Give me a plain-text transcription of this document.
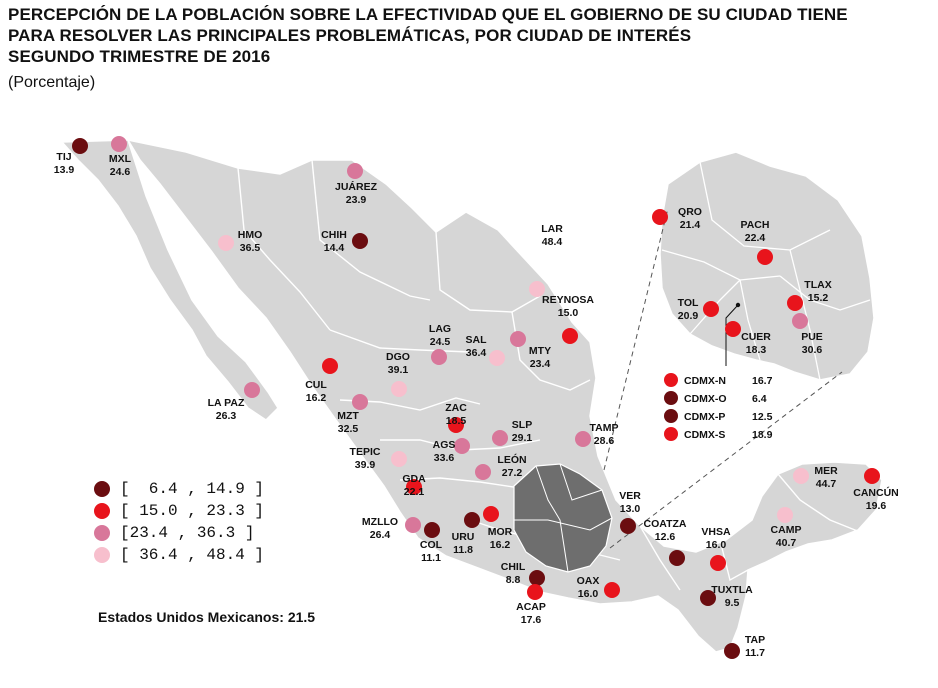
PERCEPCIÓN DE LA POBLACIÓN SOBRE LA EFECTIVIDAD QUE EL GOBIERNO DE SU CIUDAD TIENE
PARA RESOLVER LAS PRINCIPALES PROBLEMÁTICAS, POR CIUDAD DE INTERÉS
SEGUNDO TRIMESTRE DE 2016
(Porcentaje)
TIJ
13.9
MXL
24.6
JUÁREZ
23.9
HMO
36.5
CHIH
14.4
LAR
48.4
REYNOSA
15.0
LAG
24.5 SAL
36.4	MTY
23.4
DGO
39.1
CUL
16.2
LA PAZ
26.3	MZT
32.5
ZAC
18.5	SLP
29.1
TAMP
28.6
TEPIC
39.9
AGS
33.6	LEÓN
27.2
GDA
22.1
MZLLO
26.4
COL
11.1
URU
11.8
MOR
16.2
CHIL
8.8
ACAP
17.6
OAX
16.0
VER
13.0
COATZA
12.6 VHSA
16.0
TUXTLA
9.5
TAP
11.7
CAMP
40.7
MER
44.7
CANCÚN
19.6
QRO
21.4	PACH
22.4
TOL
20.9
CUER
18.3
TLAX
15.2
PUE
30.6
CDMX-N 16.7
CDMX-O 6.4
CDMX-P	12.5
CDMX-S	18.9
[  6.4 , 14.9 ]
[ 15.0 , 23.3 ]
[23.4 , 36.3 ]
[ 36.4 , 48.4 ]
Estados Unidos Mexicanos: 21.5
